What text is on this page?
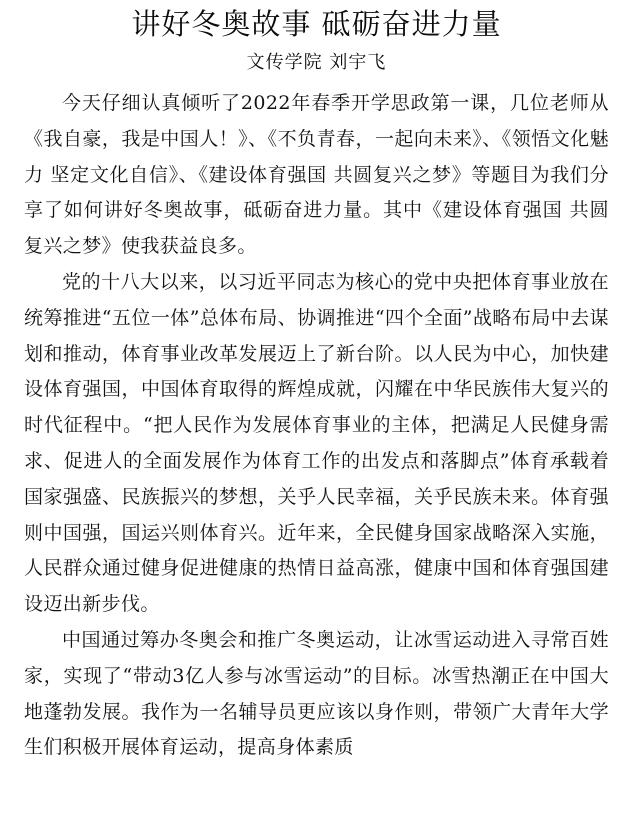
讲好冬奥故事 砥砺奋进力量
文传学院 刘宇飞

今天仔细认真倾听了2022年春季开学思政第一课，几位老师从《我自豪，我是中国人！》、《不负青春，一起向未来》、《领悟文化魅力 坚定文化自信》、《建设体育强国 共圆复兴之梦》等题目为我们分享了如何讲好冬奥故事，砥砺奋进力量。其中《建设体育强国 共圆复兴之梦》使我获益良多。

党的十八大以来，以习近平同志为核心的党中央把体育事业放在统筹推进“五位一体”总体布局、协调推进“四个全面”战略布局中去谋划和推动，体育事业改革发展迈上了新台阶。以人民为中心，加快建设体育强国，中国体育取得的辉煌成就，闪耀在中华民族伟大复兴的时代征程中。“把人民作为发展体育事业的主体，把满足人民健身需求、促进人的全面发展作为体育工作的出发点和落脚点”体育承载着国家强盛、民族振兴的梦想，关乎人民幸福，关乎民族未来。体育强则中国强，国运兴则体育兴。近年来，全民健身国家战略深入实施，人民群众通过健身促进健康的热情日益高涨，健康中国和体育强国建设迈出新步伐。

中国通过筹办冬奥会和推广冬奥运动，让冰雪运动进入寻常百姓家，实现了“带动3亿人参与冰雪运动”的目标。冰雪热潮正在中国大地蓬勃发展。我作为一名辅导员更应该以身作则，带领广大青年大学生们积极开展体育运动，提高身体素质
